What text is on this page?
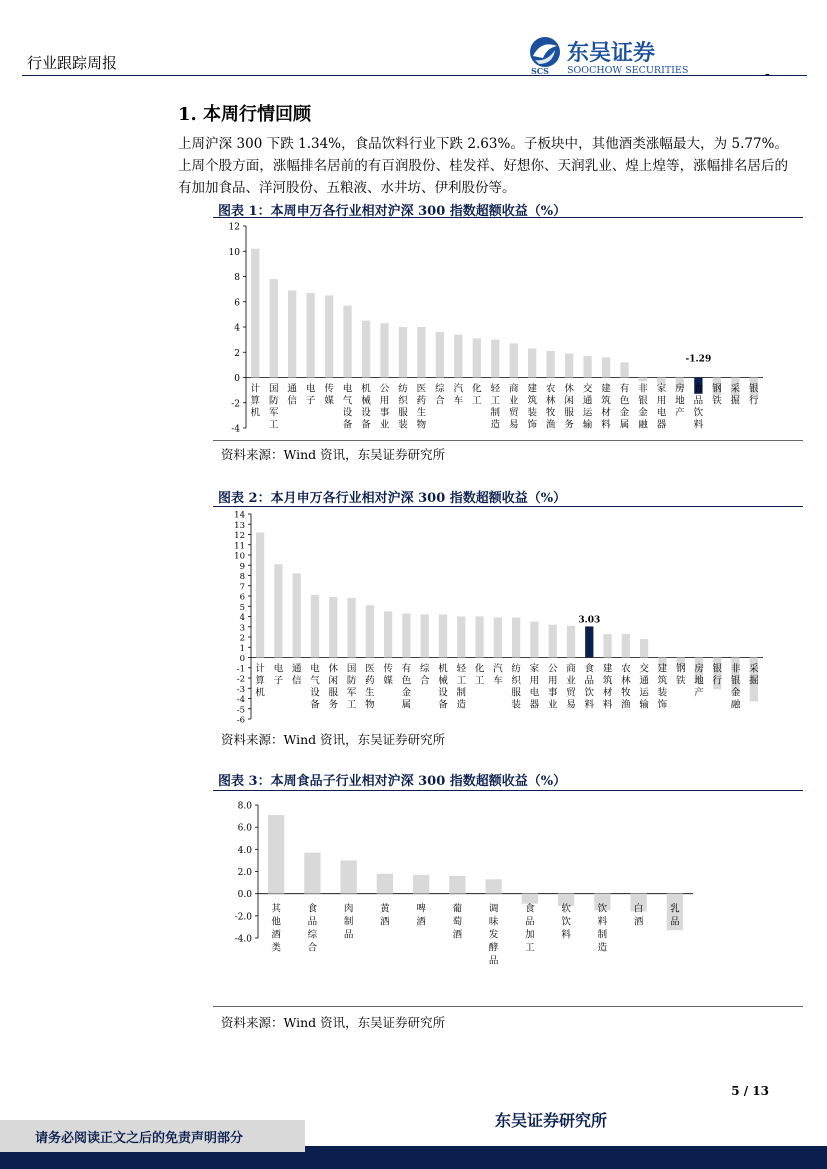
行业跟踪周报	SCS
东吴证券
SOOCHOW SECURITIES	-
1. 本周行情回顾
上周沪深 300 下跌 1.34%，食品饮料行业下跌 2.63%。子板块中，其他酒类涨幅最大，为 5.77%。上周个股方面，涨幅排名居前的有百润股份、桂发祥、好想你、天润乳业、煌上煌等，涨幅排名居后的有加加食品、洋河股份、五粮液、水井坊、伊利股份等。
图表 1：本周申万各行业相对沪深 300 指数超额收益（%）
-4
-2
0
2
4
6
8
10
12
计
算
机
国
防
军
工
通
信
电
子
传
媒
电
气
设
备
机
械
设
备
公
用
事
业
纺
织
服
装
医
药
生
物
综
合
汽
车
化
工
轻
工
制
造
商
业
贸
易
建
筑
装
饰
农
林
牧
渔
休
闲
服
务
交
通
运
输
建
筑
材
料
有
色
金
属
非
银
金
融
家
用
电
器
房
地
产
-1.29
食
品
饮
料
钢
铁
采
掘
银
行
资料来源：Wind 资讯，东吴证券研究所
图表 2：本月申万各行业相对沪深 300 指数超额收益（%）
-6
-5
-4
-3
-2
-1
0
1
2
3
4
5
6
7
8
9
10
11
12
13
14
计
算
机
电
子
通
信
电
气
设
备
休
闲
服
务
国
防
军
工
医
药
生
物
传
媒
有
色
金
属
综
合
机
械
设
备
轻
工
制
造
化
工
汽
车
纺
织
服
装
家
用
电
器
公
用
事
业
商
业
贸
易
3.03
食
品
饮
料
建
筑
材
料
农
林
牧
渔
交
通
运
输
建
筑
装
饰
钢
铁
房
地
产
银
行
非
银
金
融
采
掘
资料来源：Wind 资讯，东吴证券研究所
图表 3：本周食品子行业相对沪深 300 指数超额收益（%）
-4.0
-2.0
0.0
2.0
4.0
6.0
8.0
其
他
酒
类
食
品
综
合
肉
制
品
黄
酒
啤
酒
葡
萄
酒
调
味
发
酵
品
食
品
加
工
软
饮
料
饮
料
制
造
白
酒
乳
品
资料来源：Wind 资讯，东吴证券研究所
5 / 13
东吴证券研究所
请务必阅读正文之后的免责声明部分
